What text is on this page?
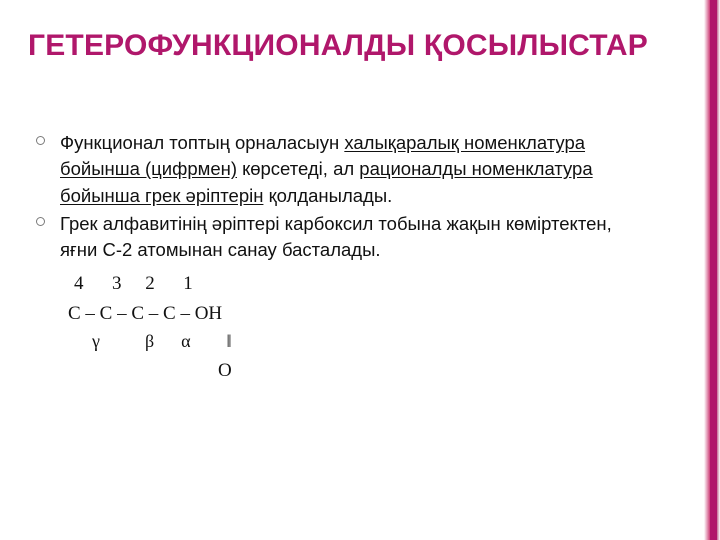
ГЕТЕРОФУНКЦИОНАЛДЫ ҚОСЫЛЫСТАР
Функционал топтың орналасыун халықаралық номенклатура бойынша (цифрмен) көрсетеді, ал рационалды номенклатура бойынша грек әріптерін қолданылады.
Грек алфавитінің әріптері карбоксил тобына жақын көміртектен, яғни С-2 атомынан санау басталады.
4      3     2      1
C – C – C – C – OH
γ          β      α        ‖
O
